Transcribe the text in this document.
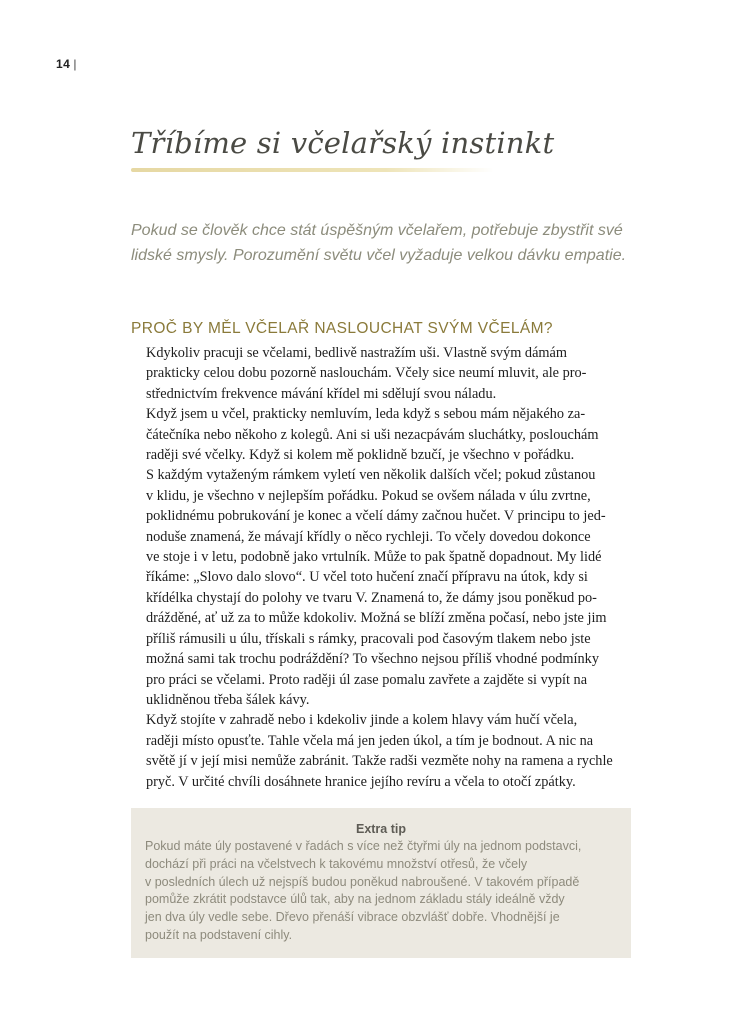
14 |
Tříbíme si včelařský instinkt

Pokud se člověk chce stát úspěšným včelařem, potřebuje zbystřit své lidské smysly. Porozumění světu včel vyžaduje velkou dávku empatie.

PROČ BY MĚL VČELAŘ NASLOUCHAT SVÝM VČELÁM?

Kdykoliv pracuji se včelami, bedlivě nastražím uši. Vlastně svým dámám
prakticky celou dobu pozorně naslouchám. Včely sice neumí mluvit, ale pro-
střednictvím frekvence mávání křídel mi sdělují svou náladu.

Když jsem u včel, prakticky nemluvím, leda když s sebou mám nějakého za-
čátečníka nebo někoho z kolegů. Ani si uši nezacpávám sluchátky, poslouchám
raději své včelky. Když si kolem mě poklidně bzučí, je všechno v pořádku.
S každým vytaženým rámkem vyletí ven několik dalších včel; pokud zůstanou
v klidu, je všechno v nejlepším pořádku. Pokud se ovšem nálada v úlu zvrtne,
poklidnému pobrukování je konec a včelí dámy začnou hučet. V principu to jed-
noduše znamená, že mávají křídly o něco rychleji. To včely dovedou dokonce
ve stoje i v letu, podobně jako vrtulník. Může to pak špatně dopadnout. My lidé
říkáme: „Slovo dalo slovo“. U včel toto hučení značí přípravu na útok, kdy si
křídélka chystají do polohy ve tvaru V. Znamená to, že dámy jsou poněkud po-
drážděné, ať už za to může kdokoliv. Možná se blíží změna počasí, nebo jste jim
příliš rámusili u úlu, třískali s rámky, pracovali pod časovým tlakem nebo jste
možná sami tak trochu podráždění? To všechno nejsou příliš vhodné podmínky
pro práci se včelami. Proto raději úl zase pomalu zavřete a zajděte si vypít na
uklidněnou třeba šálek kávy.

Když stojíte v zahradě nebo i kdekoliv jinde a kolem hlavy vám hučí včela,
raději místo opusťte. Tahle včela má jen jeden úkol, a tím je bodnout. A nic na
světě jí v její misi nemůže zabránit. Takže radši vezměte nohy na ramena a rychle
pryč. V určité chvíli dosáhnete hranice jejího revíru a včela to otočí zpátky.

Extra tip

Pokud máte úly postavené v řadách s více než čtyřmi úly na jednom podstavci,
dochází při práci na včelstvech k takovému množství otřesů, že včely
v posledních úlech už nejspíš budou poněkud nabroušené. V takovém případě
pomůže zkrátit podstavce úlů tak, aby na jednom základu stály ideálně vždy
jen dva úly vedle sebe. Dřevo přenáší vibrace obzvlášť dobře. Vhodnější je
použít na podstavení cihly.
